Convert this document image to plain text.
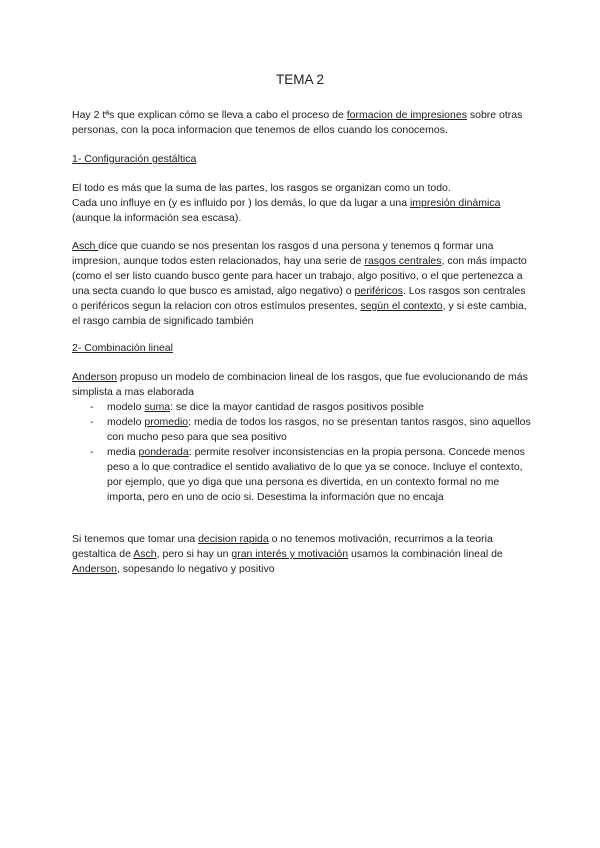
TEMA 2

Hay 2 tªs que explican cómo se lleva a cabo el proceso de formacion de impresiones sobre otras personas, con la poca informacion que tenemos de ellos cuando los conocemos.

1- Configuración gestáltica

El todo es más que la suma de las partes, los rasgos se organizan como un todo.

Cada uno influye en (y es influido por ) los demás, lo que da lugar a una impresión dinámica (aunque la información sea escasa).

Asch dice que cuando se nos presentan los rasgos d una persona y tenemos q formar una impresion, aunque todos esten relacionados, hay una serie de rasgos centrales, con más impacto (como el ser listo cuando busco gente para hacer un trabajo, algo positivo, o el que pertenezca a una secta cuando lo que busco es amistad, algo negativo) o periféricos. Los rasgos son centrales o periféricos segun la relacion con otros estímulos presentes, según el contexto, y si este cambia, el rasgo cambia de significado también

2- Combinación lineal

Anderson propuso un modelo de combinacion lineal de los rasgos, que fue evolucionando de más simplista a mas elaborada

- modelo suma: se dice la mayor cantidad de rasgos positivos posible
- modelo promedio: media de todos los rasgos, no se presentan tantos rasgos, sino aquellos con mucho peso para que sea positivo
- media ponderada: permite resolver inconsistencias en la propia persona. Concede menos peso a lo que contradice el sentido avaliativo de lo que ya se conoce. Incluye el contexto, por ejemplo, que yo diga que una persona es divertida, en un contexto formal no me importa, pero en uno de ocio si. Desestima la información que no encaja

Si tenemos que tomar una decision rapida o no tenemos motivación, recurrimos a la teoria gestaltica de Asch, pero si hay un gran interés y motivación usamos la combinación lineal de Anderson, sopesando lo negativo y positivo
